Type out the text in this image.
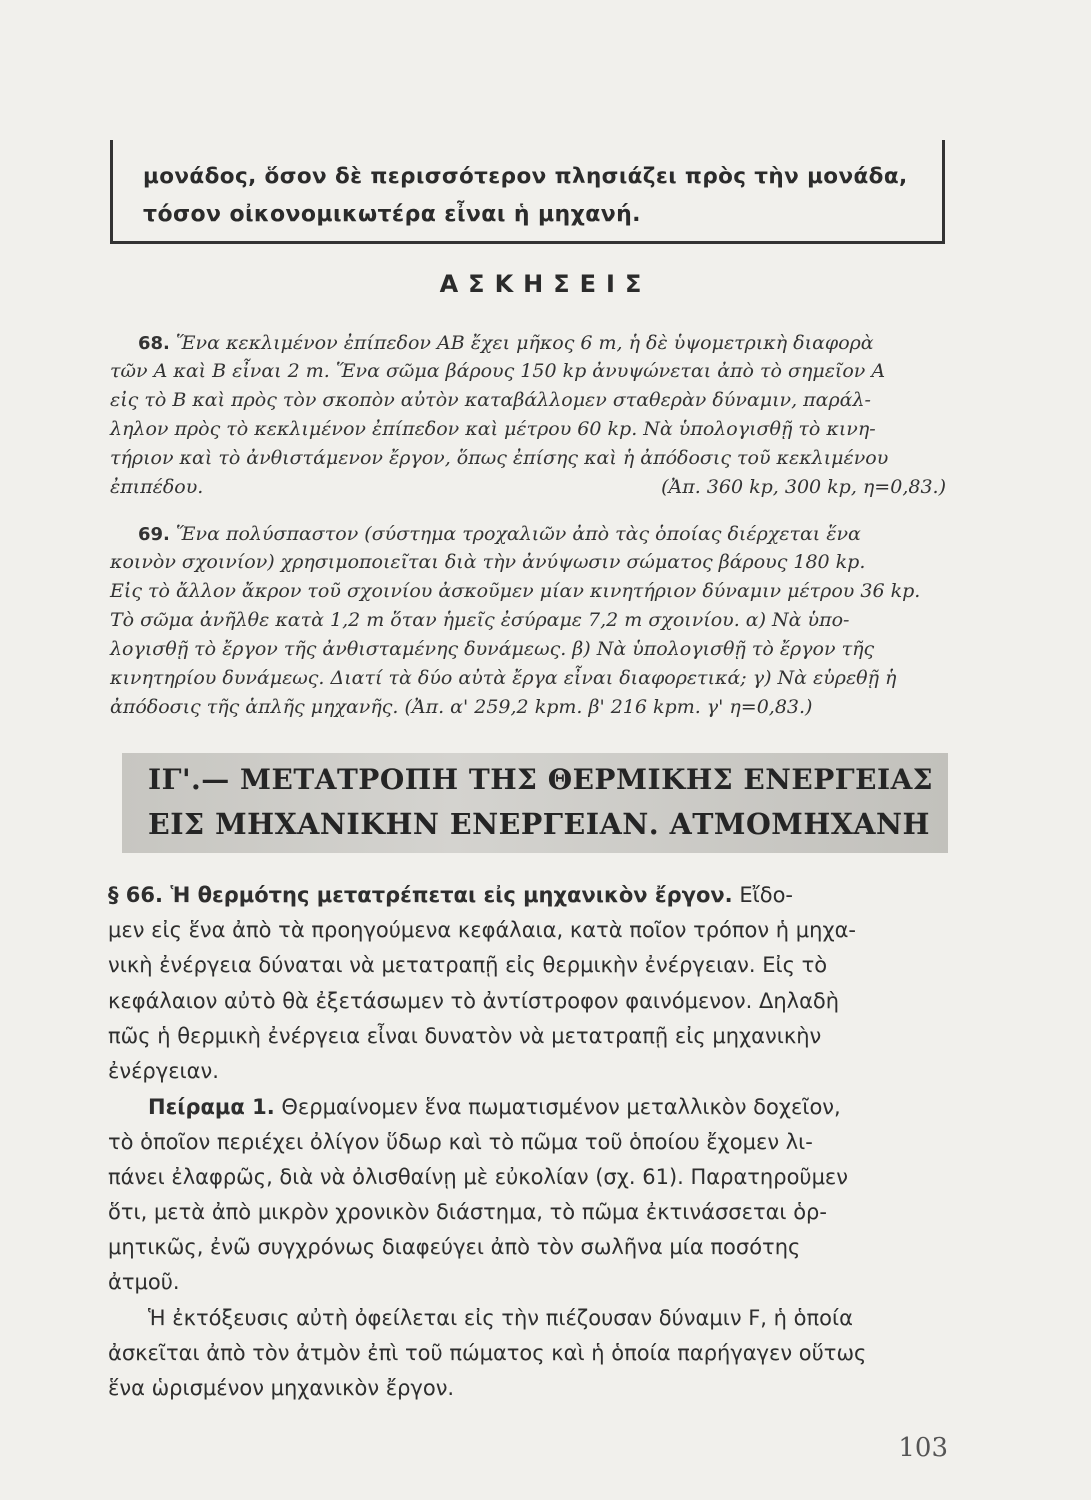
μονάδος, ὅσον δὲ περισσότερον πλησιάζει πρὸς τὴν μονάδα,

τόσον οἰκονομικωτέρα εἶναι ἡ μηχανή.

ΑΣΚΗΣΕΙΣ
68. Ἕνα κεκλιμένον ἐπίπεδον ΑΒ ἔχει μῆκος 6 m, ἡ δὲ ὑψομετρικὴ διαφορὰ
τῶν Α καὶ Β εἶναι 2 m. Ἕνα σῶμα βάρους 150 kp ἀνυψώνεται ἀπὸ τὸ σημεῖον Α
εἰς τὸ Β καὶ πρὸς τὸν σκοπὸν αὐτὸν καταβάλλομεν σταθερὰν δύναμιν, παράλ-
ληλον πρὸς τὸ κεκλιμένον ἐπίπεδον καὶ μέτρου 60 kp. Νὰ ὑπολογισθῇ τὸ κινη-
τήριον καὶ τὸ ἀνθιστάμενον ἔργον, ὅπως ἐπίσης καὶ ἡ ἀπόδοσις τοῦ κεκλιμένου
ἐπιπέδου.	(Ἀπ. 360 kp, 300 kp, η=0,83.)
69. Ἕνα πολύσπαστον (σύστημα τροχαλιῶν ἀπὸ τὰς ὁποίας διέρχεται ἕνα
κοινὸν σχοινίον) χρησιμοποιεῖται διὰ τὴν ἀνύψωσιν σώματος βάρους 180 kp.
Εἰς τὸ ἄλλον ἄκρον τοῦ σχοινίου ἀσκοῦμεν μίαν κινητήριον δύναμιν μέτρου 36 kp.
Τὸ σῶμα ἀνῆλθε κατὰ 1,2 m ὅταν ἡμεῖς ἐσύραμε 7,2 m σχοινίου. α) Νὰ ὑπο-
λογισθῇ τὸ ἔργον τῆς ἀνθισταμένης δυνάμεως. β) Νὰ ὑπολογισθῇ τὸ ἔργον τῆς
κινητηρίου δυνάμεως. Διατί τὰ δύο αὐτὰ ἔργα εἶναι διαφορετικά; γ) Νὰ εὑρεθῇ ἡ
ἀπόδοσις τῆς ἁπλῆς μηχανῆς. (Ἀπ. α' 259,2 kpm. β' 216 kpm. γ' η=0,83.)
ΙΓ'.— ΜΕΤΑΤΡΟΠΗ ΤΗΣ ΘΕΡΜΙΚΗΣ ΕΝΕΡΓΕΙΑΣ
ΕΙΣ ΜΗΧΑΝΙΚΗΝ ΕΝΕΡΓΕΙΑΝ. ΑΤΜΟΜΗΧΑΝΗ
§ 66. Ἡ θερμότης μετατρέπεται εἰς μηχανικὸν ἔργον. Εἴδο-
μεν εἰς ἕνα ἀπὸ τὰ προηγούμενα κεφάλαια, κατὰ ποῖον τρόπον ἡ μηχα-
νικὴ ἐνέργεια δύναται νὰ μετατραπῇ εἰς θερμικὴν ἐνέργειαν. Εἰς τὸ
κεφάλαιον αὐτὸ θὰ ἐξετάσωμεν τὸ ἀντίστροφον φαινόμενον. Δηλαδὴ
πῶς ἡ θερμικὴ ἐνέργεια εἶναι δυνατὸν νὰ μετατραπῇ εἰς μηχανικὴν
ἐνέργειαν.
Πείραμα 1. Θερμαίνομεν ἕνα πωματισμένον μεταλλικὸν δοχεῖον,
τὸ ὁποῖον περιέχει ὀλίγον ὕδωρ καὶ τὸ πῶμα τοῦ ὁποίου ἔχομεν λι-
πάνει ἐλαφρῶς, διὰ νὰ ὀλισθαίνῃ μὲ εὐκολίαν (σχ. 61). Παρατηροῦμεν
ὅτι, μετὰ ἀπὸ μικρὸν χρονικὸν διάστημα, τὸ πῶμα ἐκτινάσσεται ὁρ-
μητικῶς, ἐνῶ συγχρόνως διαφεύγει ἀπὸ τὸν σωλῆνα μία ποσότης
ἀτμοῦ.
Ἡ ἐκτόξευσις αὐτὴ ὀφείλεται εἰς τὴν πιέζουσαν δύναμιν F, ἡ ὁποία
ἀσκεῖται ἀπὸ τὸν ἀτμὸν ἐπὶ τοῦ πώματος καὶ ἡ ὁποία παρήγαγεν οὕτως
ἕνα ὡρισμένον μηχανικὸν ἔργον.
103
